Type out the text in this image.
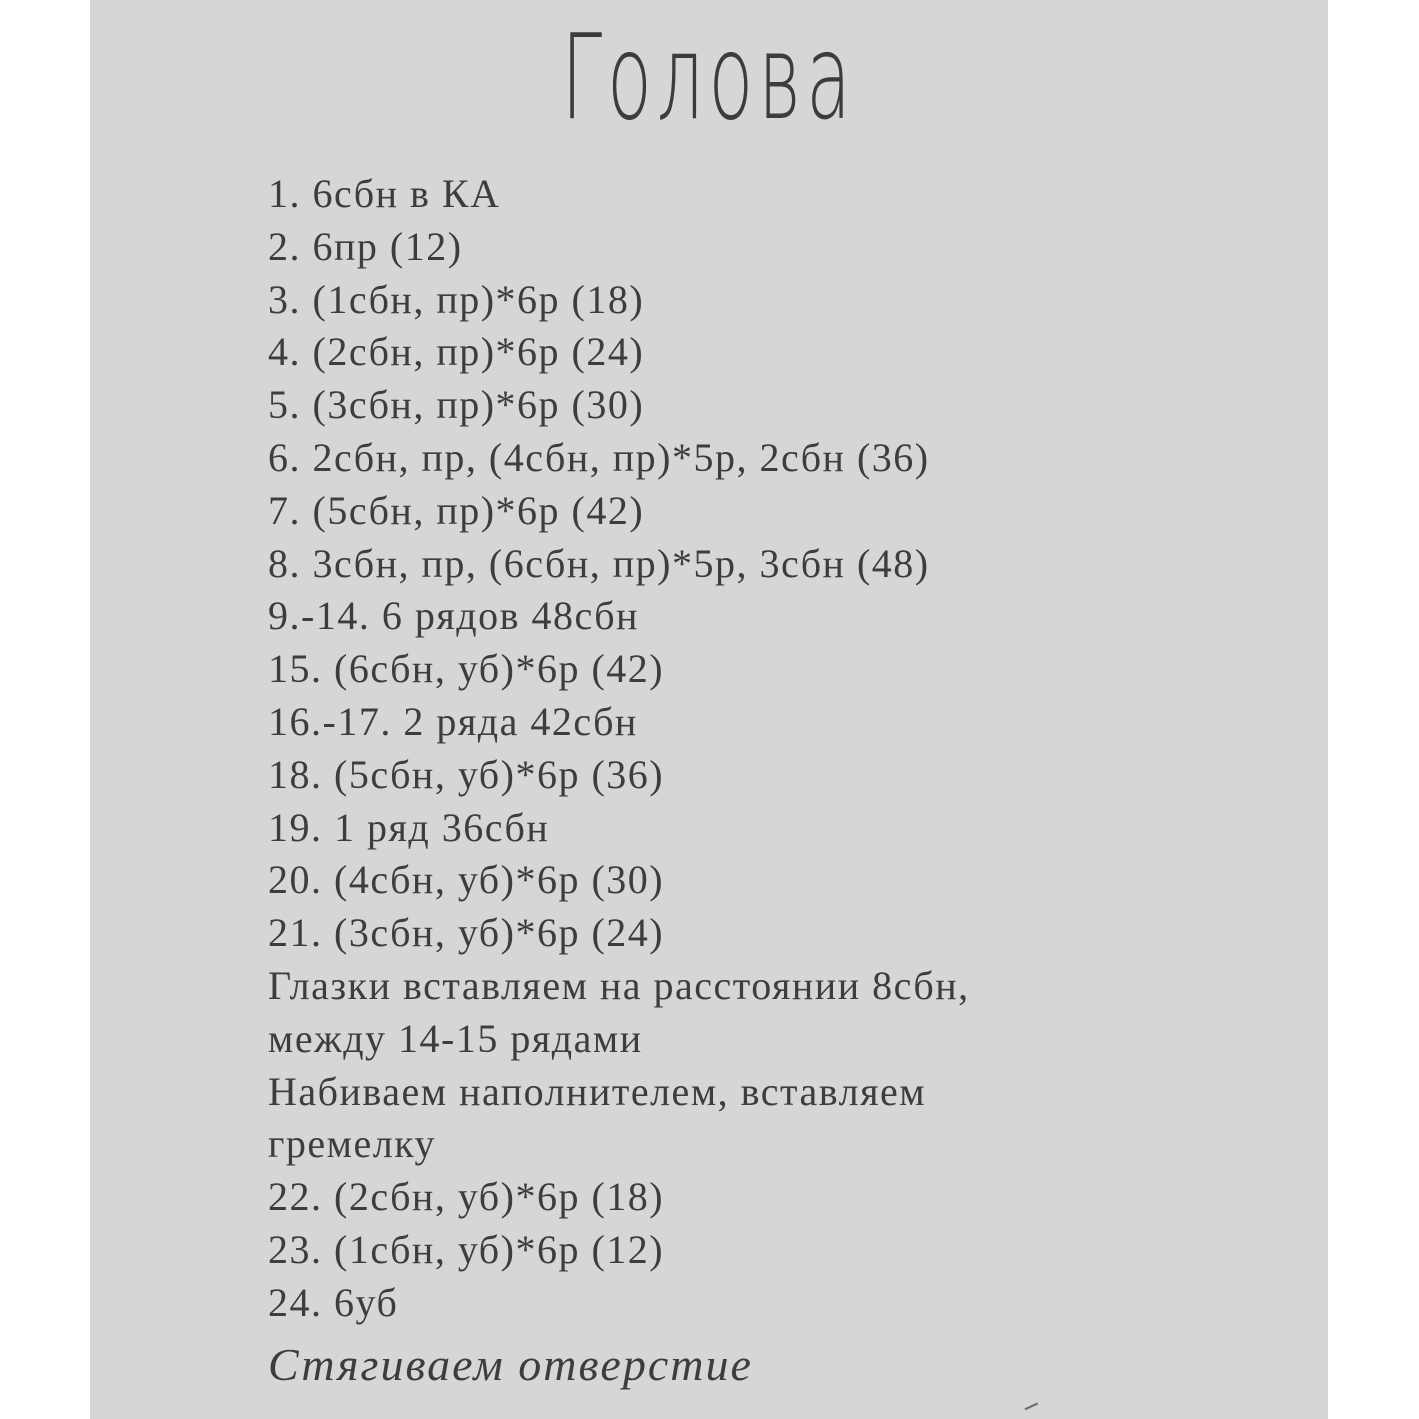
Голова
1. 6сбн в КА
2. 6пр (12)
3. (1сбн, пр)*6р (18)
4. (2сбн, пр)*6р (24)
5. (3сбн, пр)*6р (30)
6. 2сбн, пр, (4сбн, пр)*5р, 2сбн (36)
7. (5сбн, пр)*6р (42)
8. 3сбн, пр, (6сбн, пр)*5р, 3сбн (48)
9.-14. 6 рядов 48сбн
15. (6сбн, уб)*6р (42)
16.-17. 2 ряда 42сбн
18. (5сбн, уб)*6р (36)
19. 1 ряд 36сбн
20. (4сбн, уб)*6р (30)
21. (3сбн, уб)*6р (24)
Глазки вставляем на расстоянии 8сбн,
между 14-15 рядами
Набиваем наполнителем, вставляем
гремелку
22. (2сбн, уб)*6р (18)
23. (1сбн, уб)*6р (12)
24. 6уб
Стягиваем отверстие
